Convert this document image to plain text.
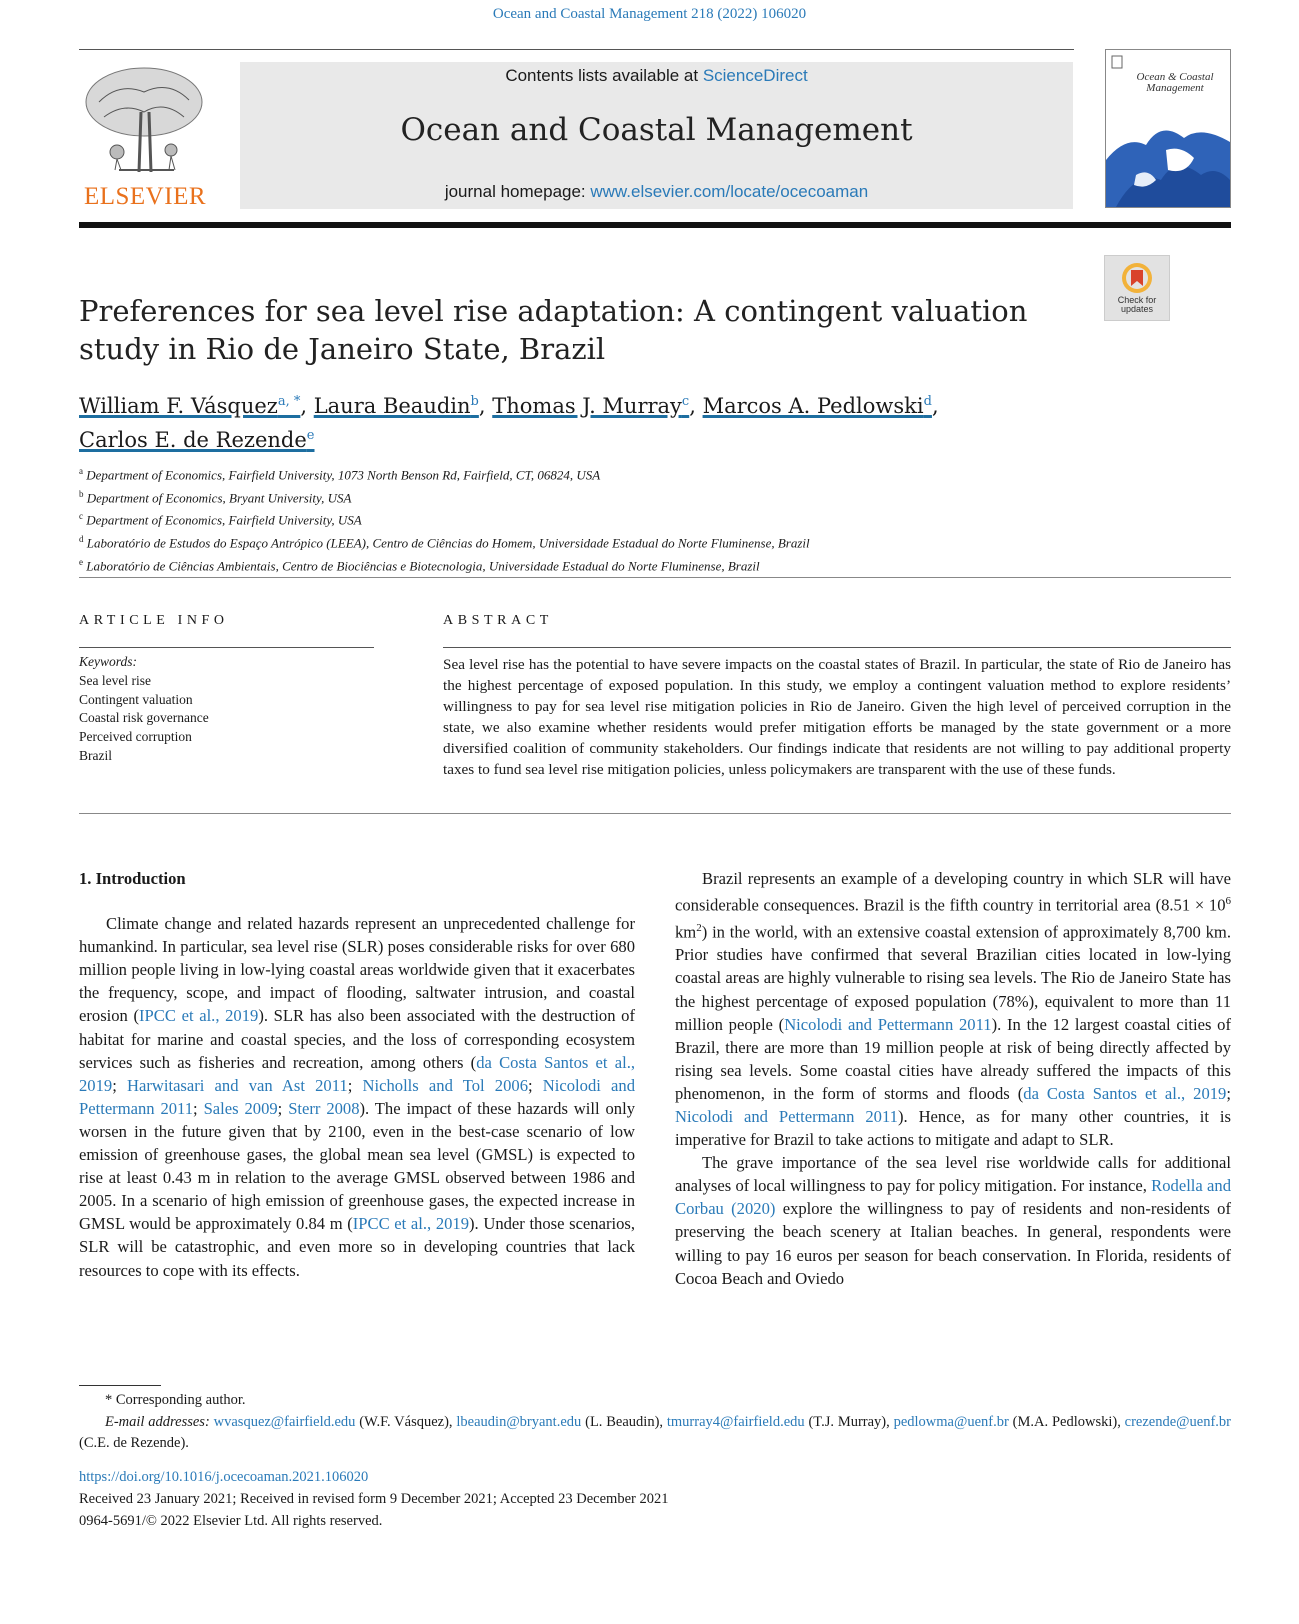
Ocean and Coastal Management 218 (2022) 106020
ELSEVIER
Contents lists available at ScienceDirect
Ocean and Coastal Management
journal homepage: www.elsevier.com/locate/ocecoaman
Ocean & Coastal Management
Check for updates
Preferences for sea level rise adaptation: A contingent valuation study in Rio de Janeiro State, Brazil
William F. Vásquez$^{a, *}$, Laura Beaudin$^b$, Thomas J. Murray$^c$, Marcos A. Pedlowski$^d$,
Carlos E. de Rezende$^e$
$^a$ Department of Economics, Fairfield University, 1073 North Benson Rd, Fairfield, CT, 06824, USA
$^b$ Department of Economics, Bryant University, USA
$^c$ Department of Economics, Fairfield University, USA
$^d$ Laboratório de Estudos do Espaço Antrópico (LEEA), Centro de Ciências do Homem, Universidade Estadual do Norte Fluminense, Brazil
$^e$ Laboratório de Ciências Ambientais, Centro de Biociências e Biotecnologia, Universidade Estadual do Norte Fluminense, Brazil
ARTICLE INFO
Keywords:
Sea level rise
Contingent valuation
Coastal risk governance
Perceived corruption
Brazil
ABSTRACT
Sea level rise has the potential to have severe impacts on the coastal states of Brazil. In particular, the state of Rio de Janeiro has the highest percentage of exposed population. In this study, we employ a contingent valuation method to explore residents’ willingness to pay for sea level rise mitigation policies in Rio de Janeiro. Given the high level of perceived corruption in the state, we also examine whether residents would prefer mitigation efforts be managed by the state government or a more diversified coalition of community stakeholders. Our findings indicate that residents are not willing to pay additional property taxes to fund sea level rise mitigation policies, unless policymakers are transparent with the use of these funds.

1. Introduction

Climate change and related hazards represent an unprecedented challenge for humankind. In particular, sea level rise (SLR) poses considerable risks for over 680 million people living in low-lying coastal areas worldwide given that it exacerbates the frequency, scope, and impact of flooding, saltwater intrusion, and coastal erosion (IPCC et al., 2019). SLR has also been associated with the destruction of habitat for marine and coastal species, and the loss of corresponding ecosystem services such as fisheries and recreation, among others (da Costa Santos et al., 2019; Harwitasari and van Ast 2011; Nicholls and Tol 2006; Nicolodi and Pettermann 2011; Sales 2009; Sterr 2008). The impact of these hazards will only worsen in the future given that by 2100, even in the best-case scenario of low emission of greenhouse gases, the global mean sea level (GMSL) is expected to rise at least 0.43 m in relation to the average GMSL observed between 1986 and 2005. In a scenario of high emission of greenhouse gases, the expected increase in GMSL would be approximately 0.84 m (IPCC et al., 2019). Under those scenarios, SLR will be catastrophic, and even more so in developing countries that lack resources to cope with its effects.

Brazil represents an example of a developing country in which SLR will have considerable consequences. Brazil is the fifth country in territorial area ($8.51 \times 10^6$ $km^2$) in the world, with an extensive coastal extension of approximately 8,700 km. Prior studies have confirmed that several Brazilian cities located in low-lying coastal areas are highly vulnerable to rising sea levels. The Rio de Janeiro State has the highest percentage of exposed population (78%), equivalent to more than 11 million people (Nicolodi and Pettermann 2011). In the 12 largest coastal cities of Brazil, there are more than 19 million people at risk of being directly affected by rising sea levels. Some coastal cities have already suffered the impacts of this phenomenon, in the form of storms and floods (da Costa Santos et al., 2019; Nicolodi and Pettermann 2011). Hence, as for many other countries, it is imperative for Brazil to take actions to mitigate and adapt to SLR.

The grave importance of the sea level rise worldwide calls for additional analyses of local willingness to pay for policy mitigation. For instance, Rodella and Corbau (2020) explore the willingness to pay of residents and non-residents of preserving the beach scenery at Italian beaches. In general, respondents were willing to pay 16 euros per season for beach conservation. In Florida, residents of Cocoa Beach and Oviedo

* Corresponding author.
E-mail addresses: wvasquez@fairfield.edu (W.F. Vásquez), lbeaudin@bryant.edu (L. Beaudin), tmurray4@fairfield.edu (T.J. Murray), pedlowma@uenf.br (M.A. Pedlowski), crezende@uenf.br (C.E. de Rezende).
https://doi.org/10.1016/j.ocecoaman.2021.106020
Received 23 January 2021; Received in revised form 9 December 2021; Accepted 23 December 2021
0964-5691/© 2022 Elsevier Ltd. All rights reserved.
